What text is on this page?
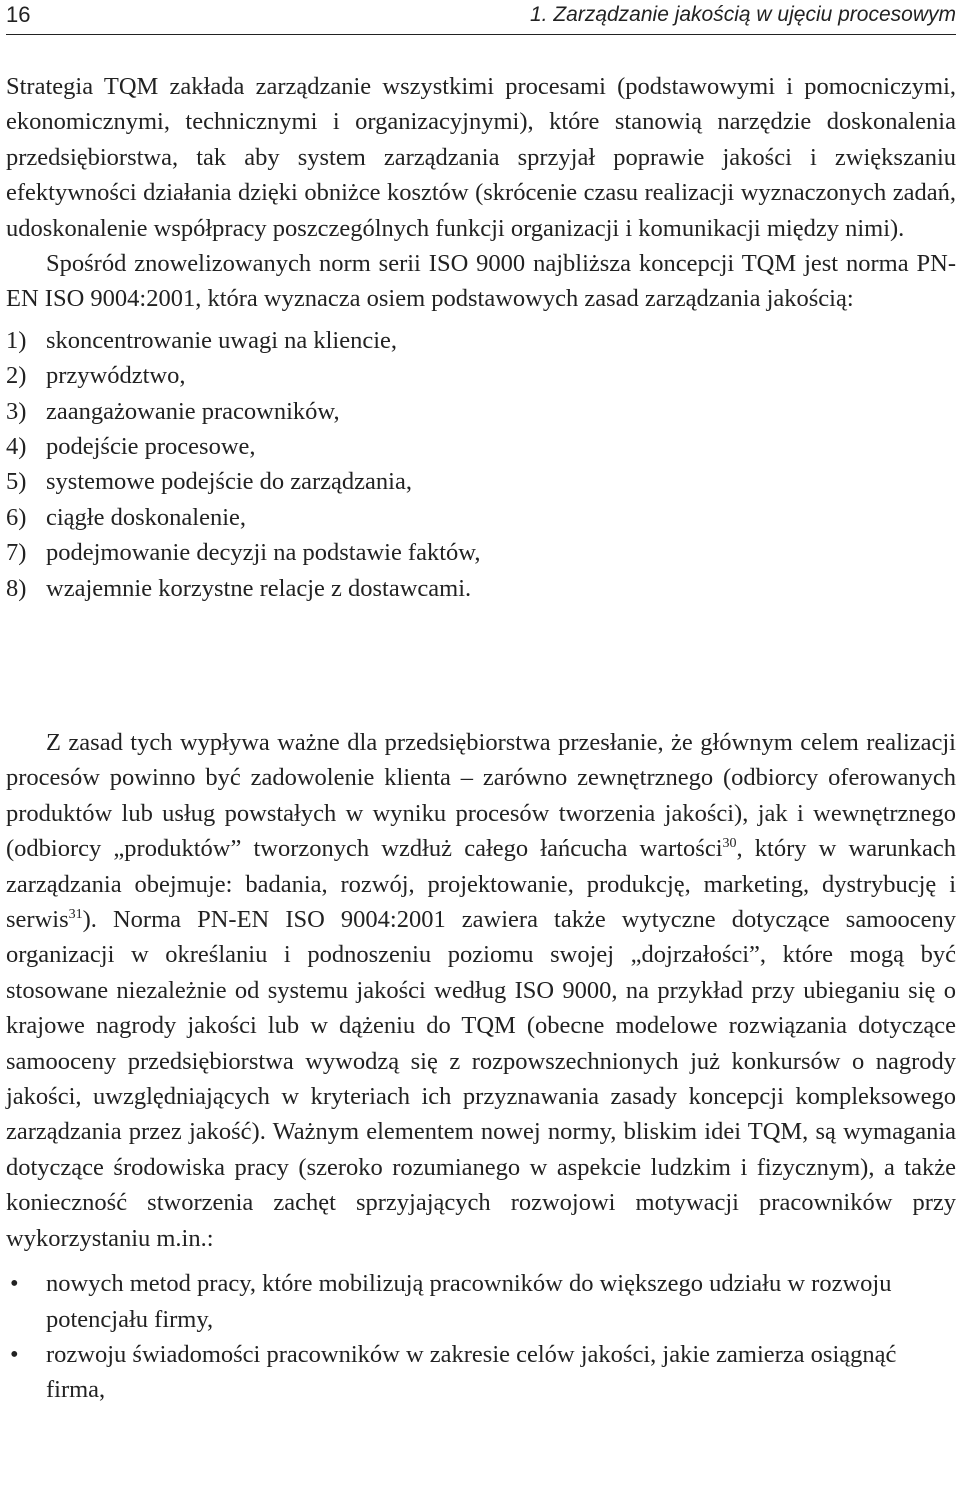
16	1. Zarządzanie jakością w ujęciu procesowym

Strategia TQM zakłada zarządzanie wszystkimi procesami (podstawowymi i pomocniczymi, ekonomicznymi, technicznymi i organizacyjnymi), które stanowią narzędzie doskonalenia przedsiębiorstwa, tak aby system zarządzania sprzyjał poprawie jakości i zwiększaniu efektywności działania dzięki obniżce kosztów (skrócenie czasu realizacji wyznaczonych zadań, udoskonalenie współpracy poszczególnych funkcji organizacji i komunikacji między nimi).

Spośród znowelizowanych norm serii ISO 9000 najbliższa koncepcji TQM jest norma PN-EN ISO 9004:2001, która wyznacza osiem podstawowych zasad zarządzania jakością:

1) skoncentrowanie uwagi na kliencie,
2) przywództwo,
3) zaangażowanie pracowników,
4) podejście procesowe,
5) systemowe podejście do zarządzania,
6) ciągłe doskonalenie,
7) podejmowanie decyzji na podstawie faktów,
8) wzajemnie korzystne relacje z dostawcami.

Z zasad tych wypływa ważne dla przedsiębiorstwa przesłanie, że głównym celem realizacji procesów powinno być zadowolenie klienta – zarówno zewnętrznego (odbiorcy oferowanych produktów lub usług powstałych w wyniku procesów tworzenia jakości), jak i wewnętrznego (odbiorcy „produktów” tworzonych wzdłuż całego łańcucha wartości$^{30}$, który w warunkach zarządzania obejmuje: badania, rozwój, projektowanie, produkcję, marketing, dystrybucję i serwis$^{31}$). Norma PN-EN ISO 9004:2001 zawiera także wytyczne dotyczące samooceny organizacji w określaniu i podnoszeniu poziomu swojej „dojrzałości”, które mogą być stosowane niezależnie od systemu jakości według ISO 9000, na przykład przy ubieganiu się o krajowe nagrody jakości lub w dążeniu do TQM (obecne modelowe rozwiązania dotyczące samooceny przedsiębiorstwa wywodzą się z rozpowszechnionych już konkursów o nagrody jakości, uwzględniających w kryteriach ich przyznawania zasady koncepcji kompleksowego zarządzania przez jakość). Ważnym elementem nowej normy, bliskim idei TQM, są wymagania dotyczące środowiska pracy (szeroko rozumianego w aspekcie ludzkim i fizycznym), a także konieczność stworzenia zachęt sprzyjających rozwojowi motywacji pracowników przy wykorzystaniu m.in.:

• nowych metod pracy, które mobilizują pracowników do większego udziału w rozwoju potencjału firmy,
• rozwoju świadomości pracowników w zakresie celów jakości, jakie zamierza osiągnąć firma,
